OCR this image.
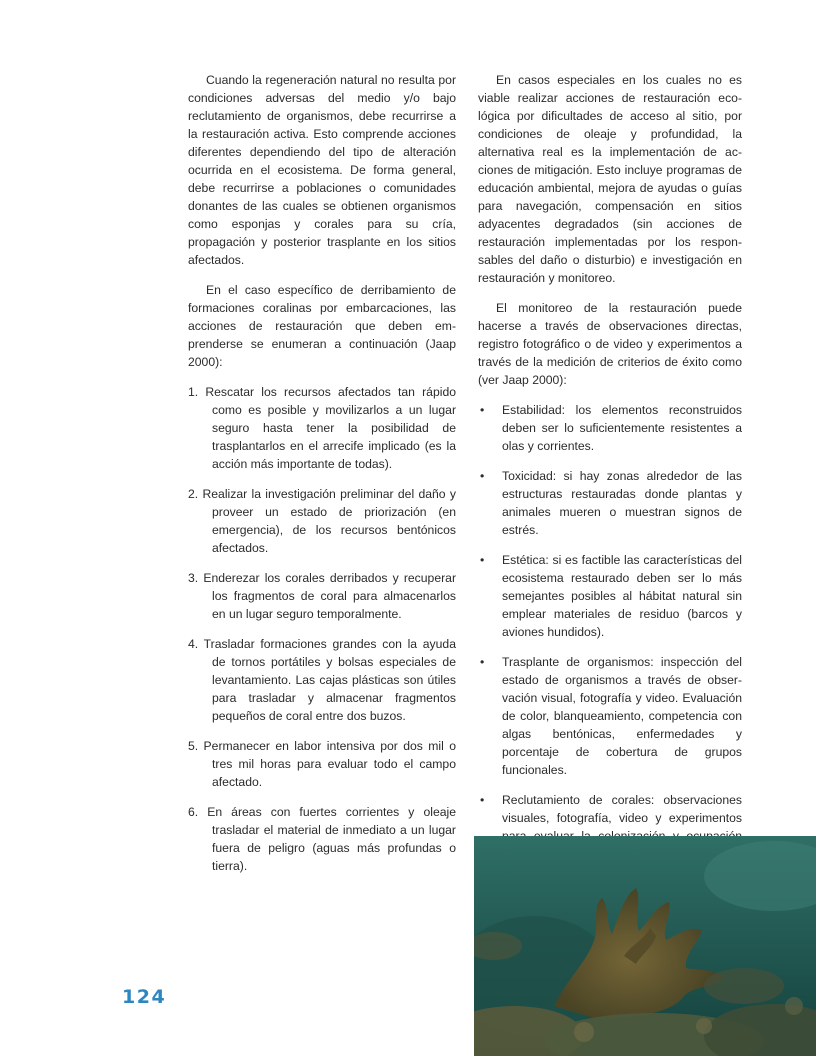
Cuando la regeneración natural no resulta por condiciones adversas del medio y/o bajo reclutamiento de organismos, debe recurrirse a la restauración activa. Esto comprende acciones diferentes dependiendo del tipo de alteración ocurrida en el ecosistema. De forma general, debe recurrirse a poblaciones o comunidades donantes de las cuales se obtienen organismos como esponjas y corales para su cría, propagación y posterior trasplante en los sitios afectados.

En el caso específico de derribamiento de formaciones coralinas por embarcaciones, las acciones de restauración que deben emprenderse se enumeran a continuación (Jaap 2000):

1. Rescatar los recursos afectados tan rápido como es posible y movilizarlos a un lugar seguro hasta tener la posibilidad de trasplantarlos en el arrecife implicado (es la acción más importante de todas).
2. Realizar la investigación preliminar del daño y proveer un estado de priorización (en emergencia), de los recursos bentónicos afectados.
3. Enderezar los corales derribados y recuperar los fragmentos de coral para almacenarlos en un lugar seguro temporalmente.
4. Trasladar formaciones grandes con la ayuda de tornos portátiles y bolsas especiales de levantamiento. Las cajas plásticas son útiles para trasladar y almacenar fragmentos pequeños de coral entre dos buzos.
5. Permanecer en labor intensiva por dos mil o tres mil horas para evaluar todo el campo afectado.
6. En áreas con fuertes corrientes y oleaje trasladar el material de inmediato a un lugar fuera de peligro (aguas más profundas o tierra).

En casos especiales en los cuales no es viable realizar acciones de restauración ecológica por dificultades de acceso al sitio, por condiciones de oleaje y profundidad, la alternativa real es la implementación de acciones de mitigación. Esto incluye programas de educación ambiental, mejora de ayudas o guías para navegación, compensación en sitios adyacentes degradados (sin acciones de restauración implementadas por los responsables del daño o disturbio) e investigación en restauración y monitoreo.

El monitoreo de la restauración puede hacerse a través de observaciones directas, registro fotográfico o de video y experimentos a través de la medición de criterios de éxito como (ver Jaap 2000):

• Estabilidad: los elementos reconstruidos deben ser lo suficientemente resistentes a olas y corrientes.
• Toxicidad: si hay zonas alrededor de las estructuras restauradas donde plantas y animales mueren o muestran signos de estrés.
• Estética: si es factible las características del ecosistema restaurado deben ser lo más semejantes posibles al hábitat natural sin emplear materiales de residuo (barcos y aviones hundidos).
• Trasplante de organismos: inspección del estado de organismos a través de observación visual, fotografía y video. Evaluación de color, blanqueamiento, competencia con algas bentónicas, enfermedades y porcentaje de cobertura de grupos funcionales.
• Reclutamiento de corales: observaciones visuales, fotografía, video y experimentos
124
